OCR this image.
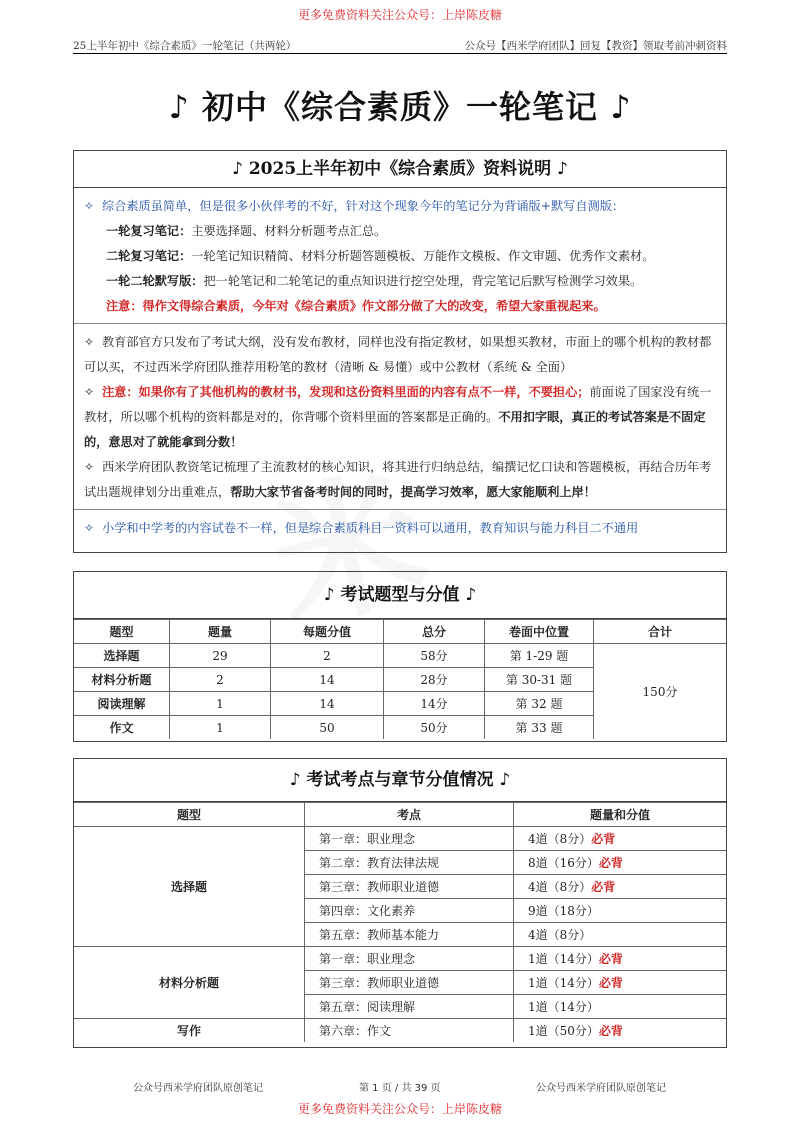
更多免费资料关注公众号：上岸陈皮糖
25上半年初中《综合素质》一轮笔记（共两轮）	公众号【西米学府团队】回复【教资】领取考前冲刺资料
♪ 初中《综合素质》一轮笔记 ♪
♪ 2025上半年初中《综合素质》资料说明 ♪

✧ 综合素质虽简单，但是很多小伙伴考的不好，针对这个现象今年的笔记分为背诵版+默写自测版：

一轮复习笔记：主要选择题、材料分析题考点汇总。

二轮复习笔记：一轮笔记知识精简、材料分析题答题模板、万能作文模板、作文审题、优秀作文素材。

一轮二轮默写版：把一轮笔记和二轮笔记的重点知识进行挖空处理，背完笔记后默写检测学习效果。

注意：得作文得综合素质，今年对《综合素质》作文部分做了大的改变，希望大家重视起来。

✧ 教育部官方只发布了考试大纲，没有发布教材，同样也没有指定教材，如果想买教材，市面上的哪个机构的教材都可以买，不过西米学府团队推荐用粉笔的教材（清晰 & 易懂）或中公教材（系统 & 全面）

✧ 注意：如果你有了其他机构的教材书，发现和这份资料里面的内容有点不一样，不要担心；前面说了国家没有统一教材，所以哪个机构的资料都是对的，你背哪个资料里面的答案都是正确的。不用扣字眼，真正的考试答案是不固定的，意思对了就能拿到分数！

✧ 西米学府团队教资笔记梳理了主流教材的核心知识，将其进行归纳总结，编撰记忆口诀和答题模板，再结合历年考试出题规律划分出重难点，帮助大家节省备考时间的同时，提高学习效率，愿大家能顺利上岸！

✧ 小学和中学考的内容试卷不一样，但是综合素质科目一资料可以通用，教育知识与能力科目二不通用

♪ 考试题型与分值 ♪
题型	题量	每题分值	总分	卷面中位置	合计
选择题	29	2	58分	第 1-29 题	150分
材料分析题	2	14	28分	第 30-31 题	
阅读理解	1	14	14分	第 32 题	
作文	1	50	50分	第 33 题	
♪ 考试考点与章节分值情况 ♪
题型	考点	题量和分值
选择题	第一章：职业理念	4道（8分）必背
	第二章：教育法律法规	8道（16分）必背
	第三章：教师职业道德	4道（8分）必背
	第四章：文化素养	9道（18分）
	第五章：教师基本能力	4道（8分）
材料分析题	第一章：职业理念	1道（14分）必背
	第三章：教师职业道德	1道（14分）必背
	第五章：阅读理解	1道（14分）
写作	第六章：作文	1道（50分）必背
公众号西米学府团队原创笔记	第 1 页 / 共 39 页	公众号西米学府团队原创笔记
更多免费资料关注公众号：上岸陈皮糖
